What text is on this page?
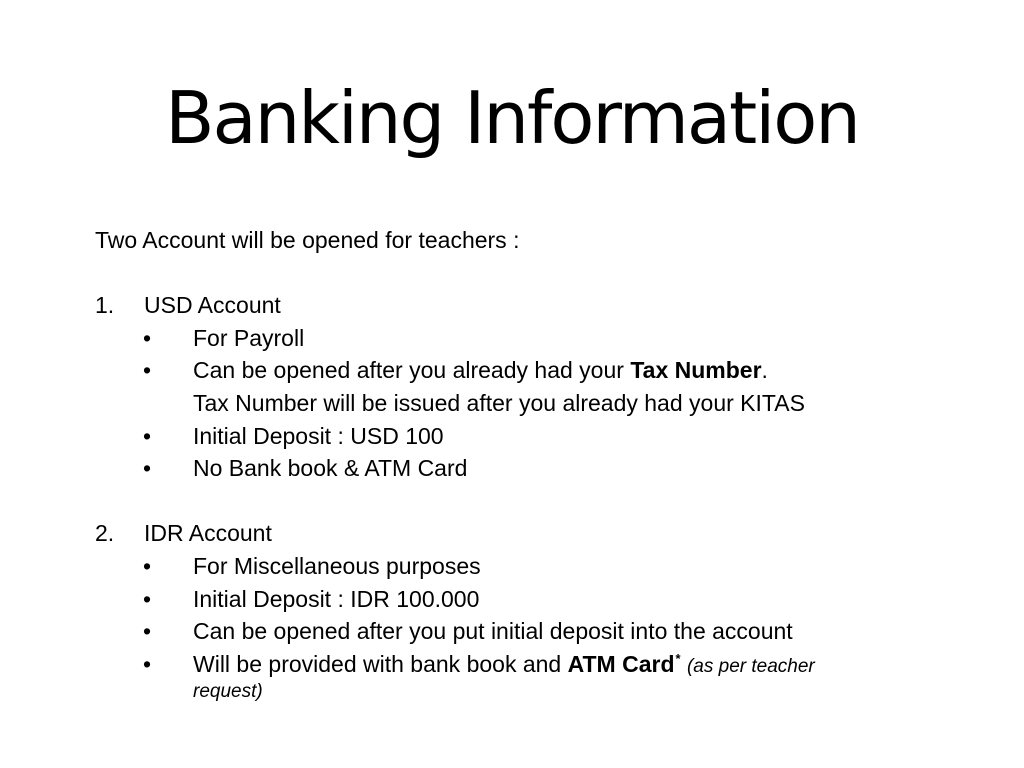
Banking Information
Two Account will be opened for teachers :
1. USD Account
• For Payroll
• Can be opened after you already had your Tax Number.
Tax Number will be issued after you already had your KITAS
• Initial Deposit : USD 100
• No Bank book & ATM Card
2. IDR Account
• For Miscellaneous purposes
• Initial Deposit : IDR 100.000
• Can be opened after you put initial deposit into the account
• Will be provided with bank book and ATM Card* (as per teacher
request)
